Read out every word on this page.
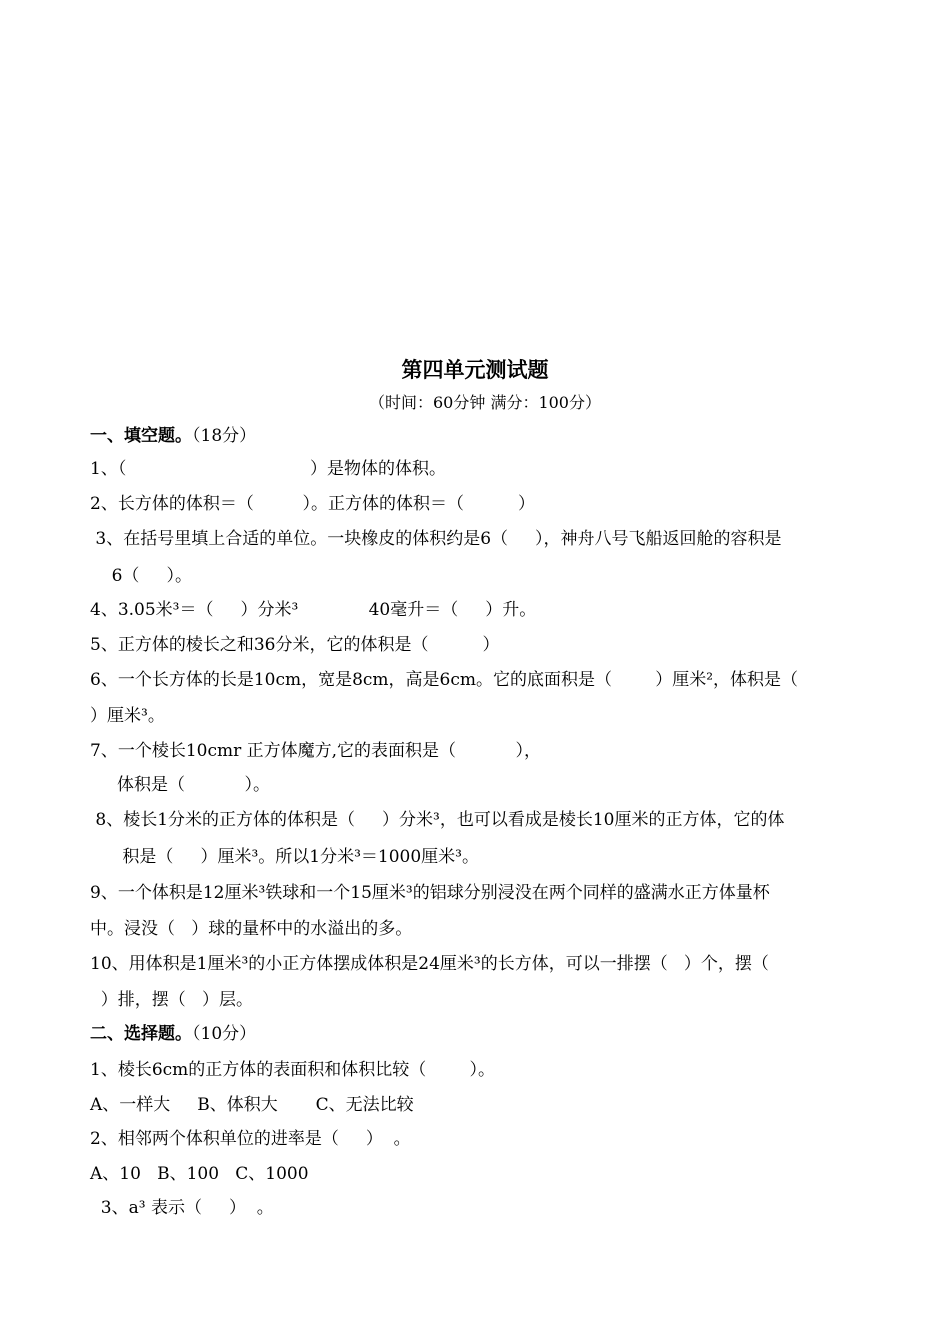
第四单元测试题
（时间：60分钟 满分：100分）
一、填空题。（18分）
1、（                                  ）是物体的体积。
2、长方体的体积＝（         ）。正方体的体积＝（          ）
3、在括号里填上合适的单位。一块橡皮的体积约是6（     ），神舟八号飞船返回舱的容积是
6（     ）。
4、3.05米³＝（     ）分米³             40毫升＝（     ）升。
5、正方体的棱长之和36分米，它的体积是（          ）
6、一个长方体的长是10cm，宽是8cm，高是6cm。它的底面积是（        ）厘米²，体积是（
）厘米³。
7、一个棱长10cmr 正方体魔方,它的表面积是（           ），
体积是（           ）。
8、棱长1分米的正方体的体积是（     ）分米³，也可以看成是棱长10厘米的正方体，它的体
积是（     ）厘米³。所以1分米³＝1000厘米³。
9、一个体积是12厘米³铁球和一个15厘米³的铝球分别浸没在两个同样的盛满水正方体量杯
中。浸没（   ）球的量杯中的水溢出的多。
10、用体积是1厘米³的小正方体摆成体积是24厘米³的长方体，可以一排摆（   ）个，摆（
）排，摆（   ）层。
二、选择题。（10分）
1、棱长6cm的正方体的表面积和体积比较（        ）。
A、一样大     B、体积大       C、无法比较
2、相邻两个体积单位的进率是（     ）  。
A、10   B、100   C、1000
3、a³ 表示（     ）  。
